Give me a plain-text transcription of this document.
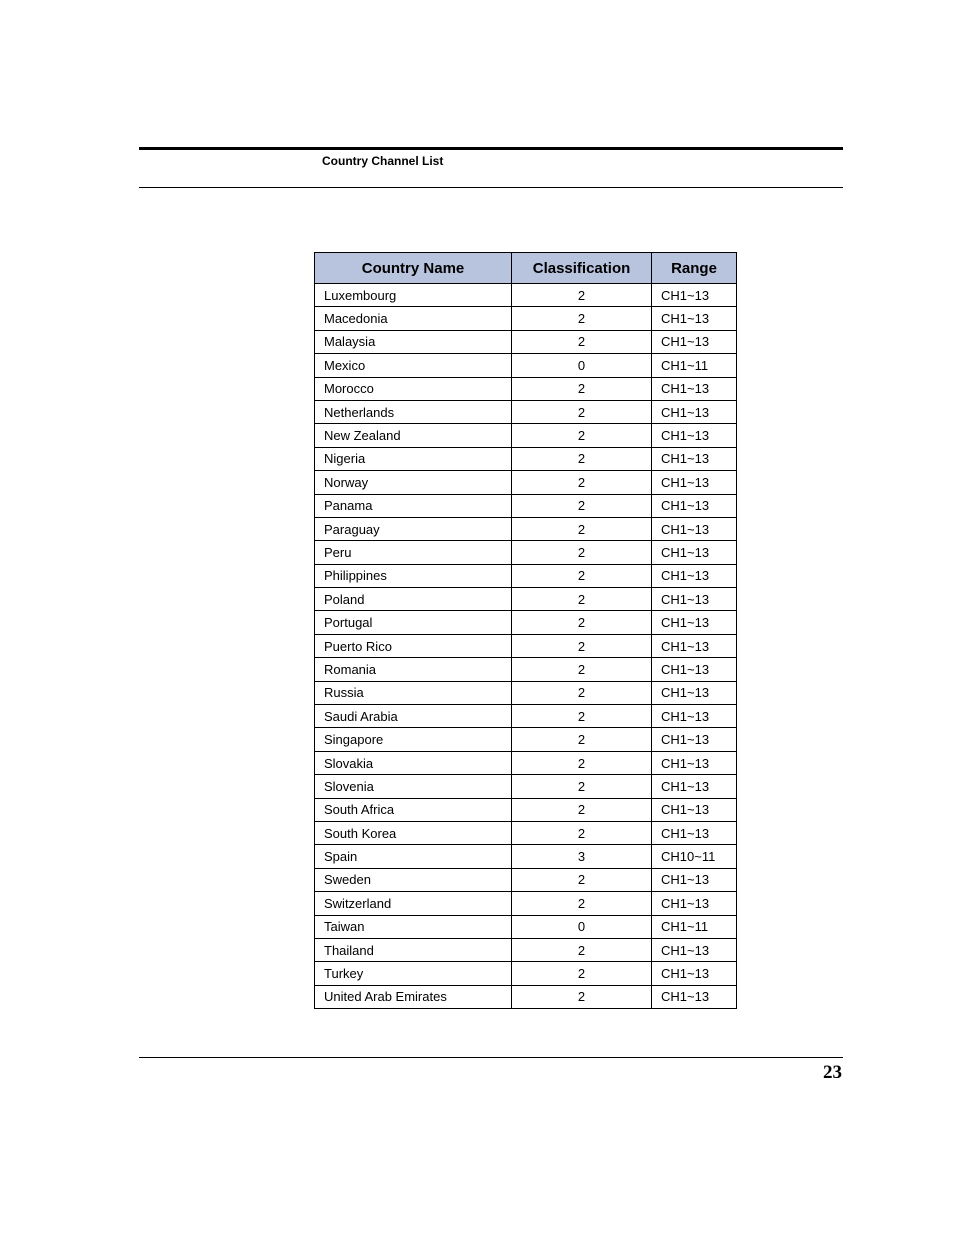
Country Channel List
Country Name	Classification	Range
Luxembourg	2	CH1~13
Macedonia	2	CH1~13
Malaysia	2	CH1~13
Mexico	0	CH1~11
Morocco	2	CH1~13
Netherlands	2	CH1~13
New Zealand	2	CH1~13
Nigeria	2	CH1~13
Norway	2	CH1~13
Panama	2	CH1~13
Paraguay	2	CH1~13
Peru	2	CH1~13
Philippines	2	CH1~13
Poland	2	CH1~13
Portugal	2	CH1~13
Puerto Rico	2	CH1~13
Romania	2	CH1~13
Russia	2	CH1~13
Saudi Arabia	2	CH1~13
Singapore	2	CH1~13
Slovakia	2	CH1~13
Slovenia	2	CH1~13
South Africa	2	CH1~13
South Korea	2	CH1~13
Spain	3	CH10~11
Sweden	2	CH1~13
Switzerland	2	CH1~13
Taiwan	0	CH1~11
Thailand	2	CH1~13
Turkey	2	CH1~13
United Arab Emirates	2	CH1~13
23
